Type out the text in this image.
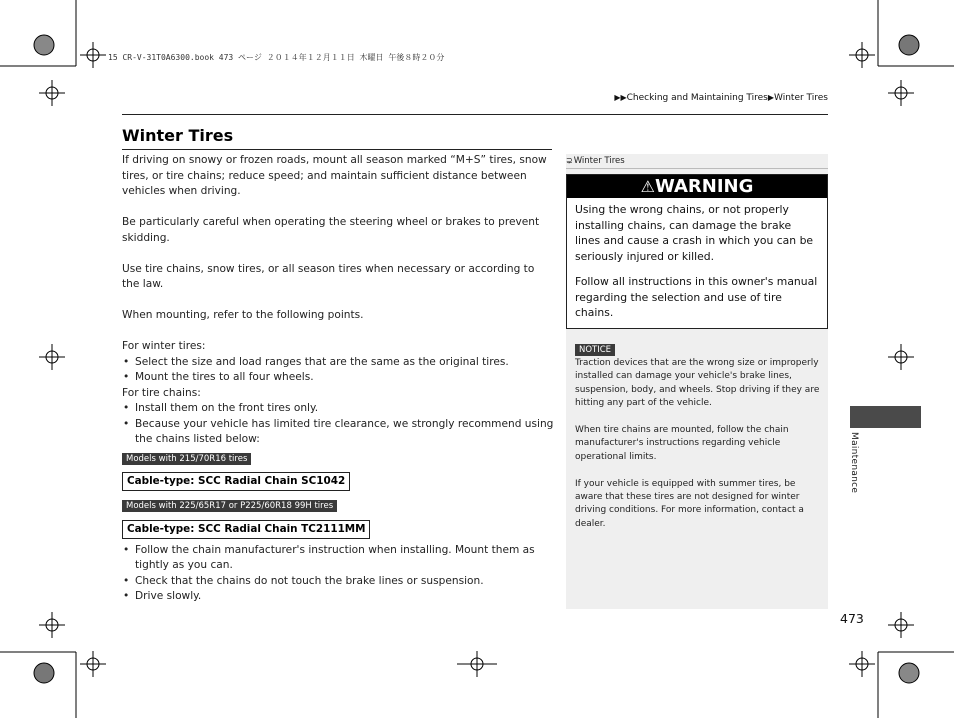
15 CR-V-31T0A6300.book 473 ページ ２０１４年１２月１１日 木曜日 午後８時２０分
▶▶Checking and Maintaining Tires▶Winter Tires
Winter Tires

If driving on snowy or frozen roads, mount all season marked “M+S” tires, snow tires, or tire chains; reduce speed; and maintain sufficient distance between vehicles when driving.

Be particularly careful when operating the steering wheel or brakes to prevent skidding.

Use tire chains, snow tires, or all season tires when necessary or according to the law.

When mounting, refer to the following points.

For winter tires:

• Select the size and load ranges that are the same as the original tires.
• Mount the tires to all four wheels.

For tire chains:

• Install them on the front tires only.
• Because your vehicle has limited tire clearance, we strongly recommend using the chains listed below:
Models with 215/70R16 tires
Cable-type: SCC Radial Chain SC1042
Models with 225/65R17 or P225/60R18 99H tires
Cable-type: SCC Radial Chain TC2111MM
• Follow the chain manufacturer's instruction when installing. Mount them as tightly as you can.
• Check that the chains do not touch the brake lines or suspension.
• Drive slowly.
⊋Winter Tires
⚠WARNING

Using the wrong chains, or not properly installing chains, can damage the brake lines and cause a crash in which you can be seriously injured or killed.

Follow all instructions in this owner's manual regarding the selection and use of tire chains.

NOTICE

Traction devices that are the wrong size or improperly installed can damage your vehicle's brake lines, suspension, body, and wheels. Stop driving if they are hitting any part of the vehicle.

When tire chains are mounted, follow the chain manufacturer's instructions regarding vehicle operational limits.

If your vehicle is equipped with summer tires, be aware that these tires are not designed for winter driving conditions. For more information, contact a dealer.

Maintenance
473
